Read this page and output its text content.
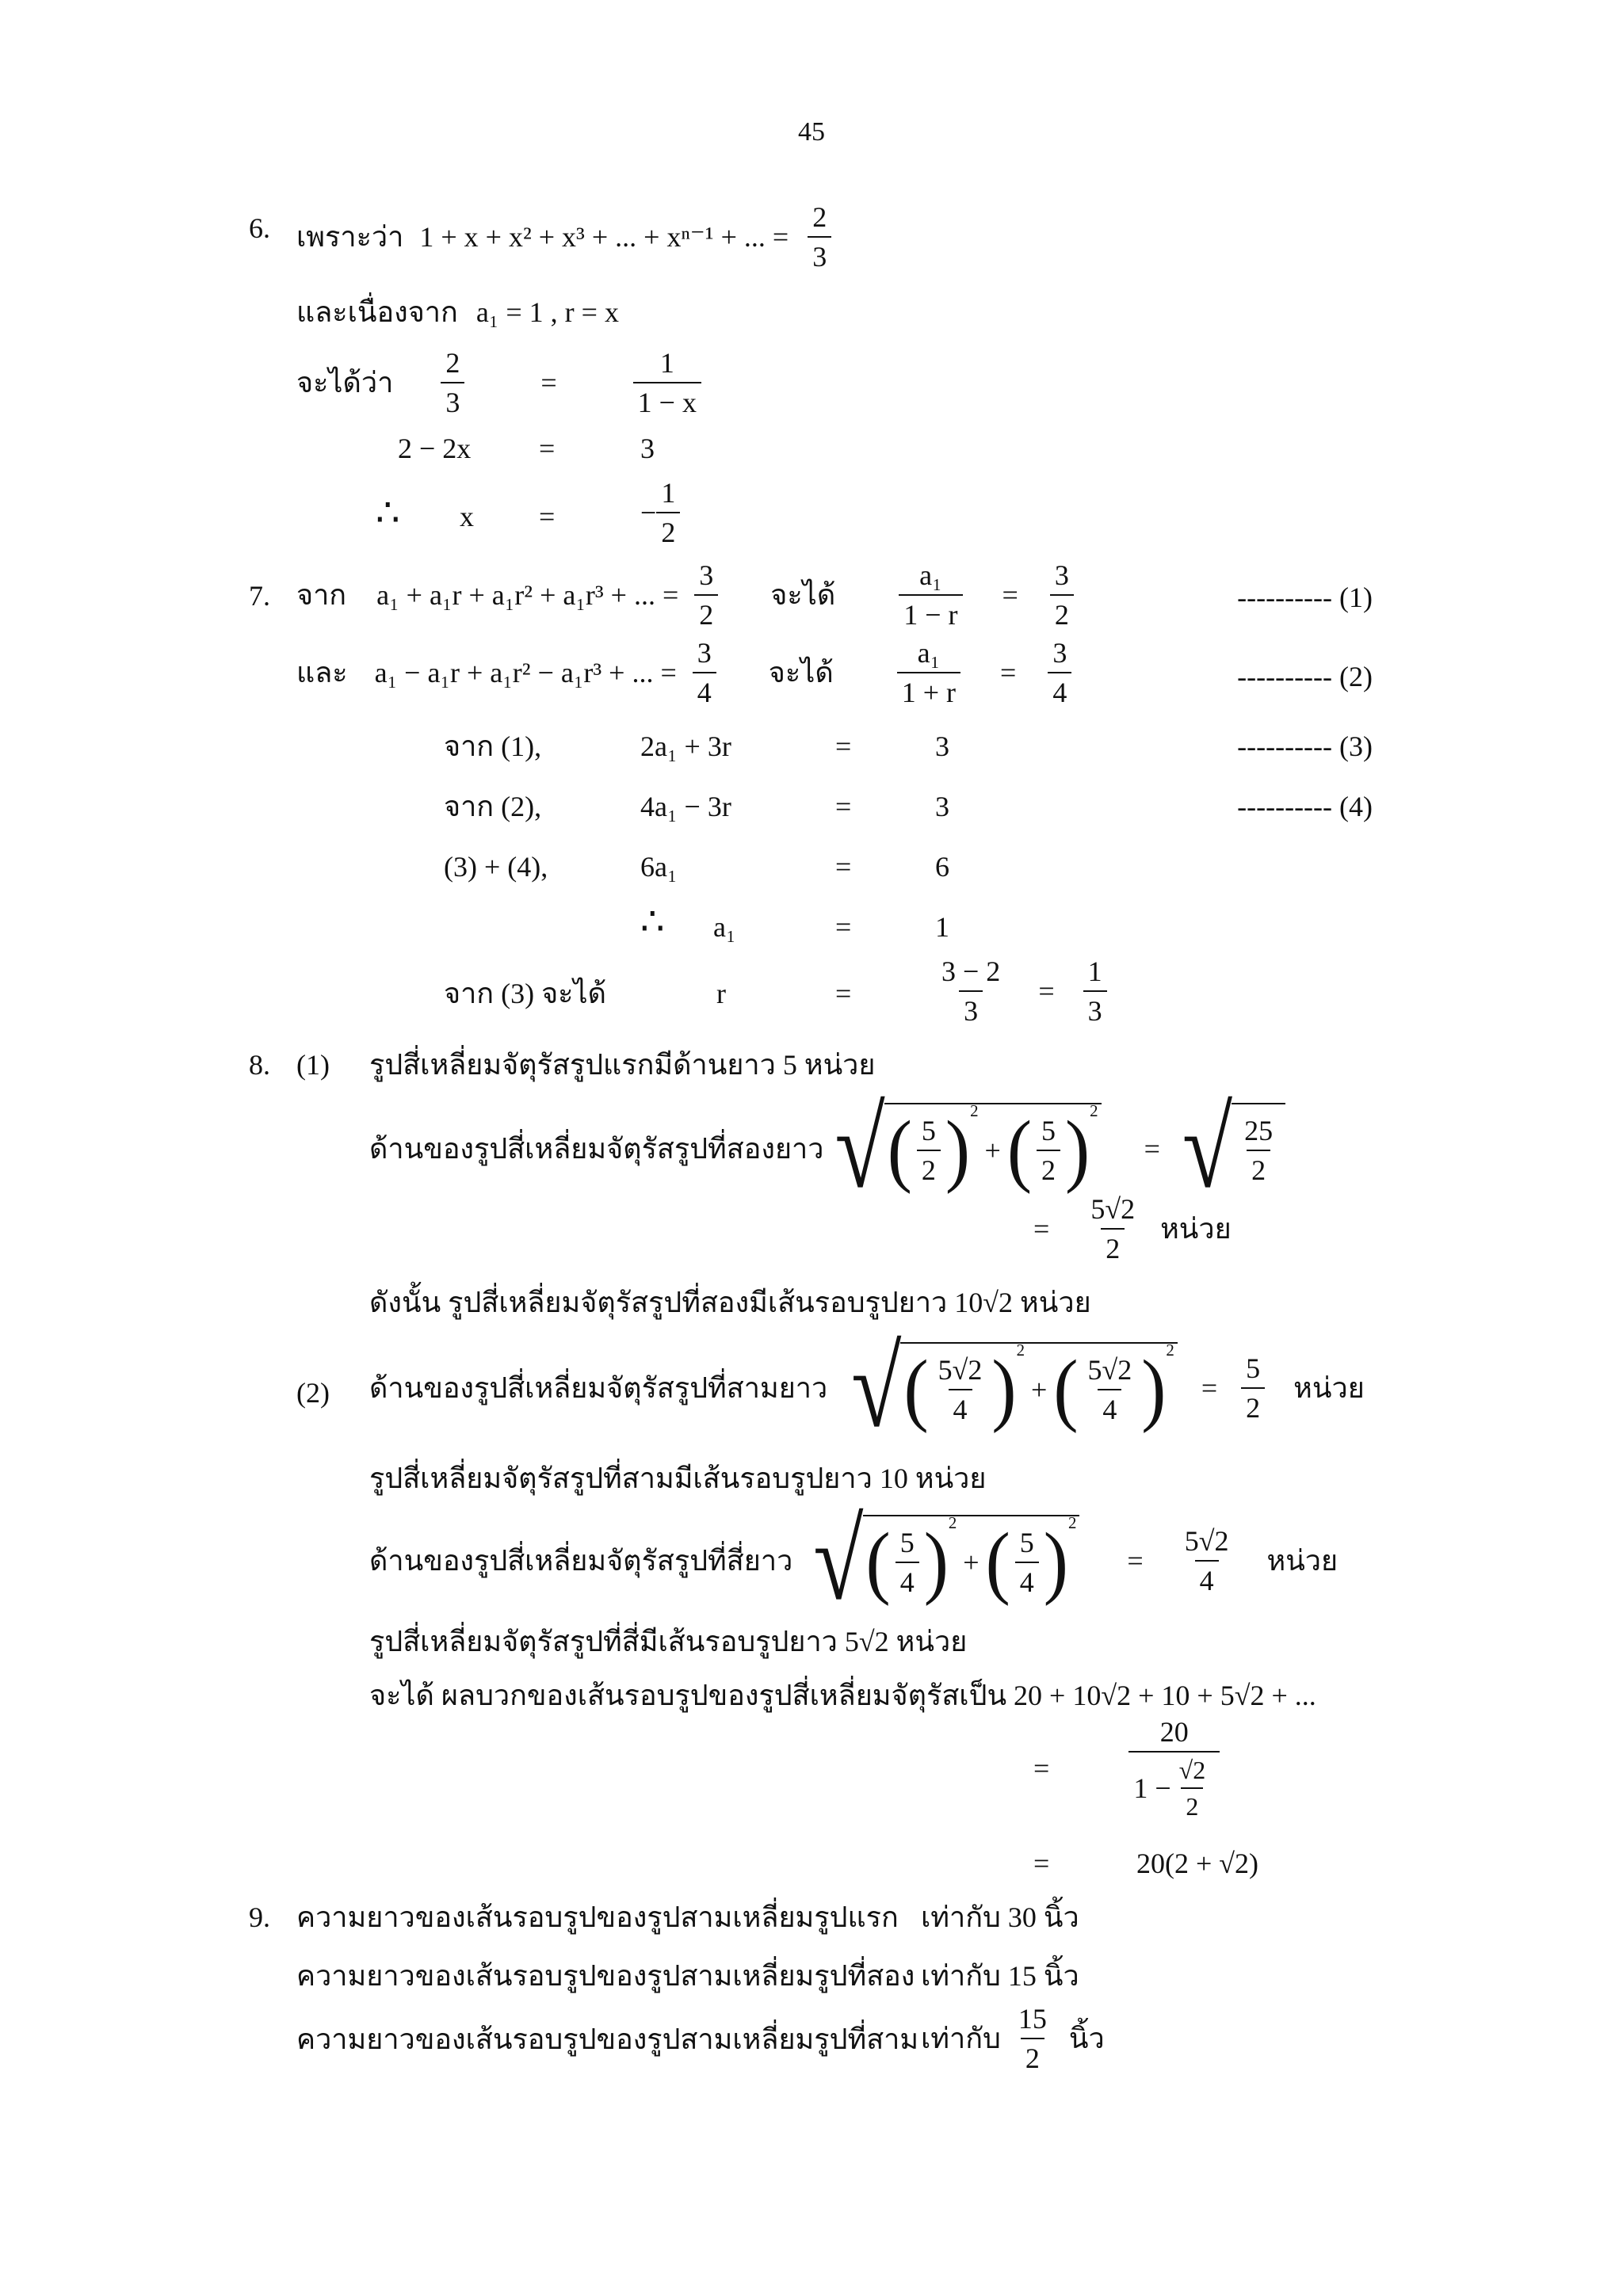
45
6. เพราะว่า 1 + x + x² + x³ + ... + xⁿ⁻¹ + ... = $\frac{2}{3}$
และเนื่องจาก a₁ = 1 , r = x
จะได้ว่า $\frac{2}{3}$	=	$\frac{1}{1 - x}$
2 − 2x =	3
∴ x =	− $\frac{1}{2}$
7. จาก a₁ + a₁r + a₁r² + a₁r³ + ... = $\frac{3}{2}$ จะได้ $\frac{\text{a₁}}{1 - r} = \frac{3}{2}$	---------- (1)
และ a₁ − a₁r + a₁r² − a₁r³ + ... = $\frac{3}{4}$ จะได้ $\frac{\text{a₁}}{1 + r} = \frac{3}{4}$	---------- (2)
จาก (1),	2a₁ + 3r	=	3	---------- (3)
จาก (2),	4a₁ − 3r	=	3	---------- (4)
(3) + (4),	6a₁	=	6
∴ a₁	=	1
จาก (3) จะได้	r	=	$\frac{3 - 2}{3} = \frac{1}{3}$
8. (1) รูปสี่เหลี่ยมจัตุรัสรูปแรกมีด้านยาว 5 หน่วย
ด้านของรูปสี่เหลี่ยมจัตุรัสรูปที่สองยาว √ ( $\frac{5}{2}$ ) 2
+ ( $\frac{5}{2}$ ) 2
= √ $\frac{25}{2}$
= $\frac{5√2}{2}$ หน่วย
ดังนั้น รูปสี่เหลี่ยมจัตุรัสรูปที่สองมีเส้นรอบรูปยาว 10√2 หน่วย
(2) ด้านของรูปสี่เหลี่ยมจัตุรัสรูปที่สามยาว √ ( $\frac{5√2}{4}$ ) 2
+ ( $\frac{5√2}{4}$ ) 2
= $\frac{5}{2}$ หน่วย
รูปสี่เหลี่ยมจัตุรัสรูปที่สามมีเส้นรอบรูปยาว 10 หน่วย
ด้านของรูปสี่เหลี่ยมจัตุรัสรูปที่สี่ยาว √ ( $\frac{5}{4}$ ) 2
+ ( $\frac{5}{4}$ ) 2
= $\frac{5√2}{4}$ หน่วย
รูปสี่เหลี่ยมจัตุรัสรูปที่สี่มีเส้นรอบรูปยาว 5√2 หน่วย
จะได้ ผลบวกของเส้นรอบรูปของรูปสี่เหลี่ยมจัตุรัสเป็น 20 + 10√2 + 10 + 5√2 + ...
=	$\frac{20}{1 - \frac{√2}{2}}$
=	20(2 + √2)
9. ความยาวของเส้นรอบรูปของรูปสามเหลี่ยมรูปแรก เท่ากับ 30 นิ้ว
ความยาวของเส้นรอบรูปของรูปสามเหลี่ยมรูปที่สอง เท่ากับ 15 นิ้ว
ความยาวของเส้นรอบรูปของรูปสามเหลี่ยมรูปที่สาม เท่ากับ $\frac{15}{2}$ นิ้ว
